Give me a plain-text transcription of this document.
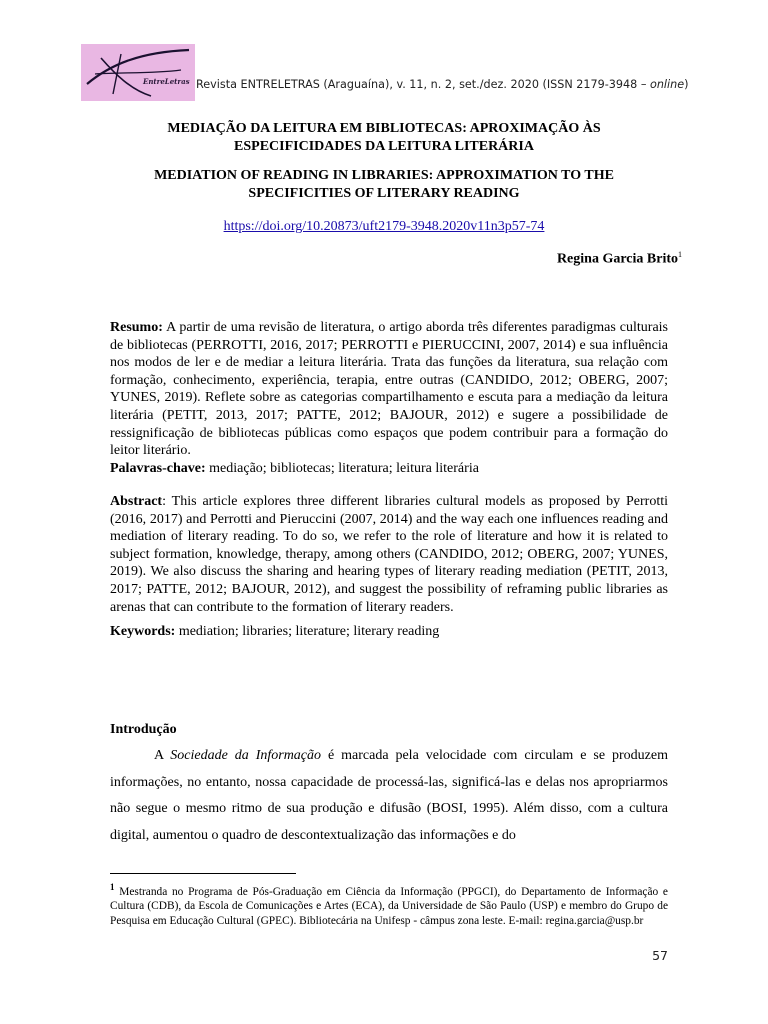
EntreLetras Revista ENTRELETRAS (Araguaína), v. 11, n. 2, set./dez. 2020 (ISSN 2179-3948 – online)
MEDIAÇÃO DA LEITURA EM BIBLIOTECAS: APROXIMAÇÃO ÀS
ESPECIFICIDADES DA LEITURA LITERÁRIA
MEDIATION OF READING IN LIBRARIES: APPROXIMATION TO THE
SPECIFICITIES OF LITERARY READING
https://doi.org/10.20873/uft2179-3948.2020v11n3p57-74
Regina Garcia Brito$^1$
Resumo: A partir de uma revisão de literatura, o artigo aborda três diferentes paradigmas culturais de bibliotecas (PERROTTI, 2016, 2017; PERROTTI e PIERUCCINI, 2007, 2014) e sua influência nos modos de ler e de mediar a leitura literária. Trata das funções da literatura, sua relação com formação, conhecimento, experiência, terapia, entre outras (CANDIDO, 2012; OBERG, 2007; YUNES, 2019). Reflete sobre as categorias compartilhamento e escuta para a mediação da leitura literária (PETIT, 2013, 2017; PATTE, 2012; BAJOUR, 2012) e sugere a possibilidade de ressignificação de bibliotecas públicas como espaços que podem contribuir para a formação do leitor literário.
Palavras-chave: mediação; bibliotecas; literatura; leitura literária
Abstract: This article explores three different libraries cultural models as proposed by Perrotti (2016, 2017) and Perrotti and Pieruccini (2007, 2014) and the way each one influences reading and mediation of literary reading. To do so, we refer to the role of literature and how it is related to subject formation, knowledge, therapy, among others (CANDIDO, 2012; OBERG, 2007; YUNES, 2019). We also discuss the sharing and hearing types of literary reading mediation (PETIT, 2013, 2017; PATTE, 2012; BAJOUR, 2012), and suggest the possibility of reframing public libraries as arenas that can contribute to the formation of literary readers.
Keywords: mediation; libraries; literature; literary reading
Introdução
A Sociedade da Informação é marcada pela velocidade com circulam e se produzem informações, no entanto, nossa capacidade de processá-las, significá-las e delas nos apropriarmos não segue o mesmo ritmo de sua produção e difusão (BOSI, 1995). Além disso, com a cultura digital, aumentou o quadro de descontextualização das informações e do
$^1$ Mestranda no Programa de Pós-Graduação em Ciência da Informação (PPGCI), do Departamento de Informação e Cultura (CDB), da Escola de Comunicações e Artes (ECA), da Universidade de São Paulo (USP) e membro do Grupo de Pesquisa em Educação Cultural (GPEC). Bibliotecária na Unifesp - câmpus zona leste. E-mail: regina.garcia@usp.br
57
